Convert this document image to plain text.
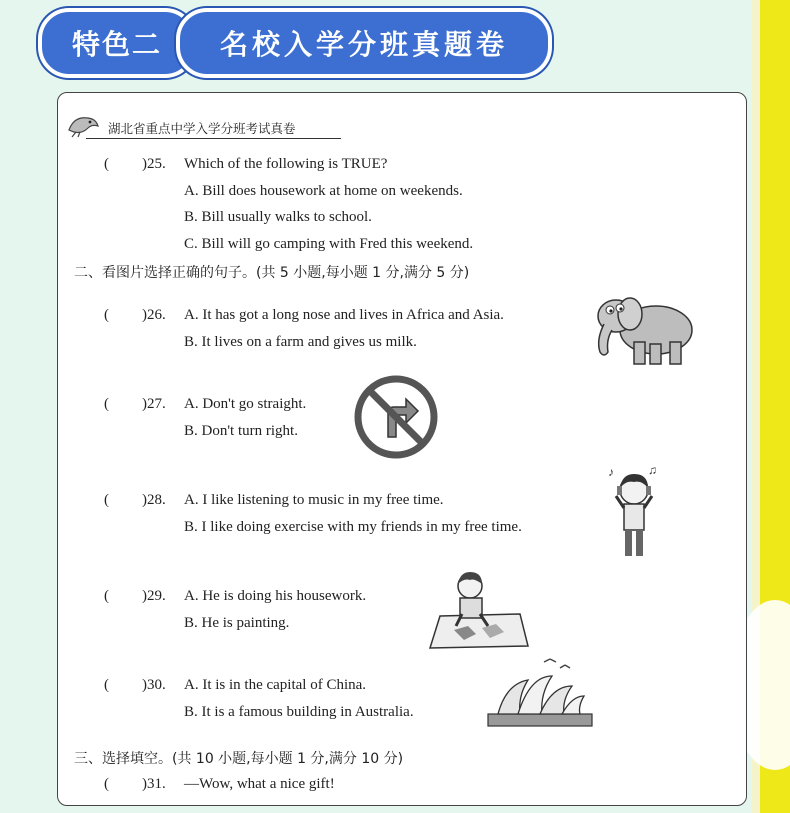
特色二	名校入学分班真题卷
湖北省重点中学入学分班考试真卷
( )25. Which of the following is TRUE?
A. Bill does housework at home on weekends.
B. Bill usually walks to school.
C. Bill will go camping with Fred this weekend.
二、看图片选择正确的句子。(共 5 小题,每小题 1 分,满分 5 分)
( )26. A. It has got a long nose and lives in Africa and Asia.
B. It lives on a farm and gives us milk.
( )27. A. Don't go straight.
B. Don't turn right.
( )28. A. I like listening to music in my free time.
B. I like doing exercise with my friends in my free time.
♪	♫
( )29. A. He is doing his housework.
B. He is painting.
( )30. A. It is in the capital of China.
B. It is a famous building in Australia.
三、选择填空。(共 10 小题,每小题 1 分,满分 10 分)
( )31. —Wow, what a nice gift!
